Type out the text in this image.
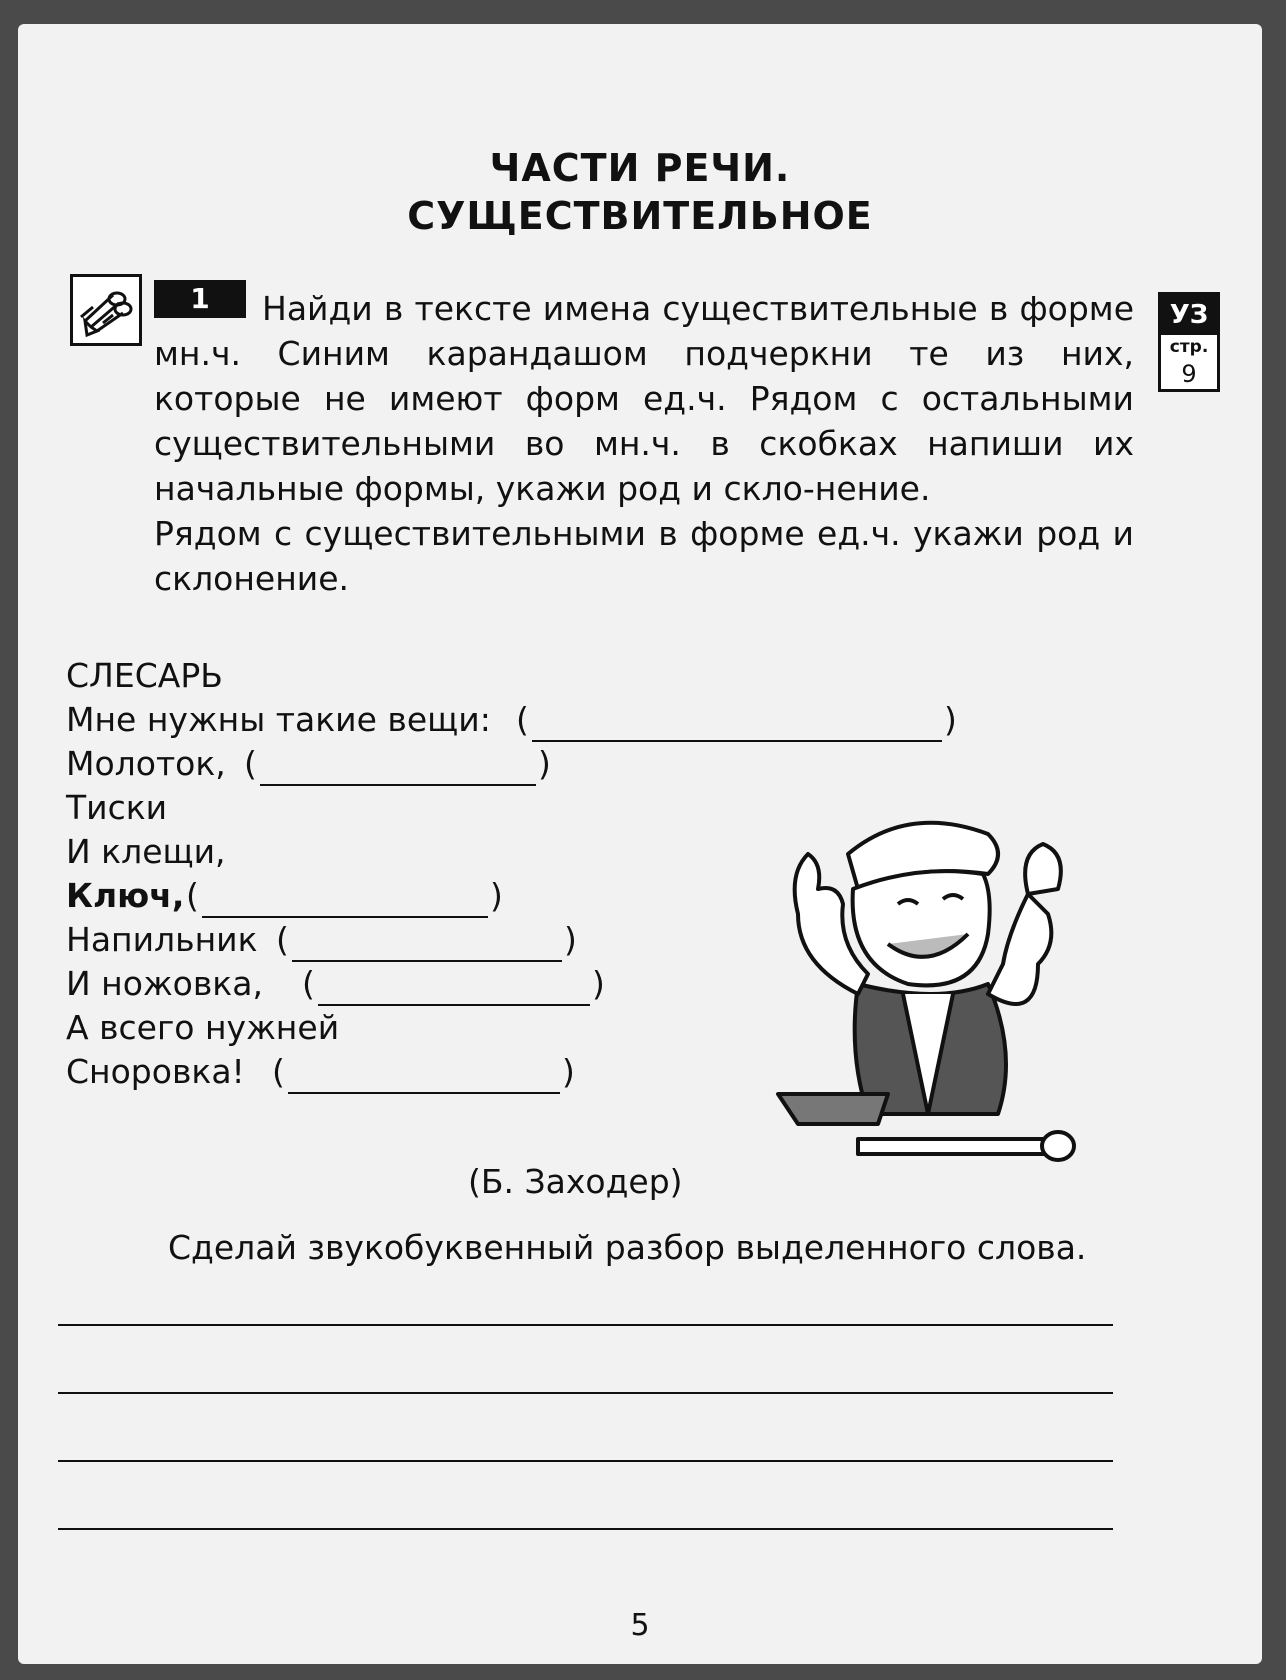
ЧАСТИ РЕЧИ.
СУЩЕСТВИТЕЛЬНОЕ
1	Найди в тексте имена существительные в форме мн.ч. Синим карандашом подчеркни те из них, которые не имеют форм ед.ч. Рядом с остальными существительными во мн.ч. в скобках напиши их начальные формы, укажи род и скло-нение.

Рядом с существительными в форме ед.ч. укажи род и склонение.

УЗ
стр.
9
СЛЕСАРЬ
Мне нужны такие вещи: (	)
Молоток, (	)
Тиски
И клещи,
Ключ, (	)
Напильник (	)
И ножовка, (	)
А всего нужней
Сноровка! (	)
(Б. Заходер)
Сделай звукобуквенный разбор выделенного слова.
5
